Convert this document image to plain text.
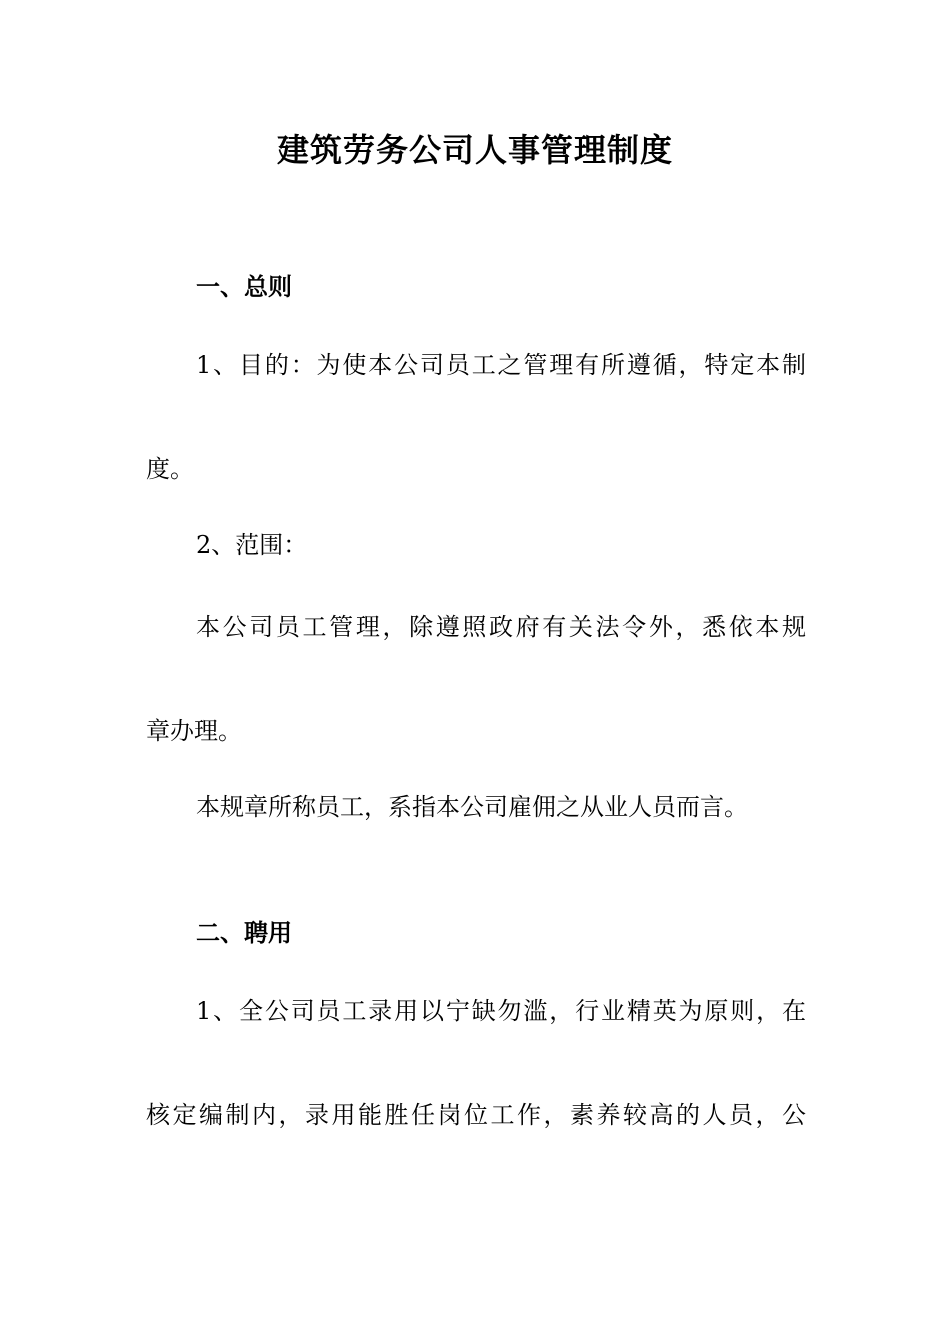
建筑劳务公司人事管理制度
一、总则
1、目的：为使本公司员工之管理有所遵循，特定本制
度。
2、范围：
本公司员工管理，除遵照政府有关法令外，悉依本规
章办理。
本规章所称员工，系指本公司雇佣之从业人员而言。
二、聘用
1、全公司员工录用以宁缺勿滥，行业精英为原则，在
核定编制内，录用能胜任岗位工作，素养较高的人员，公
